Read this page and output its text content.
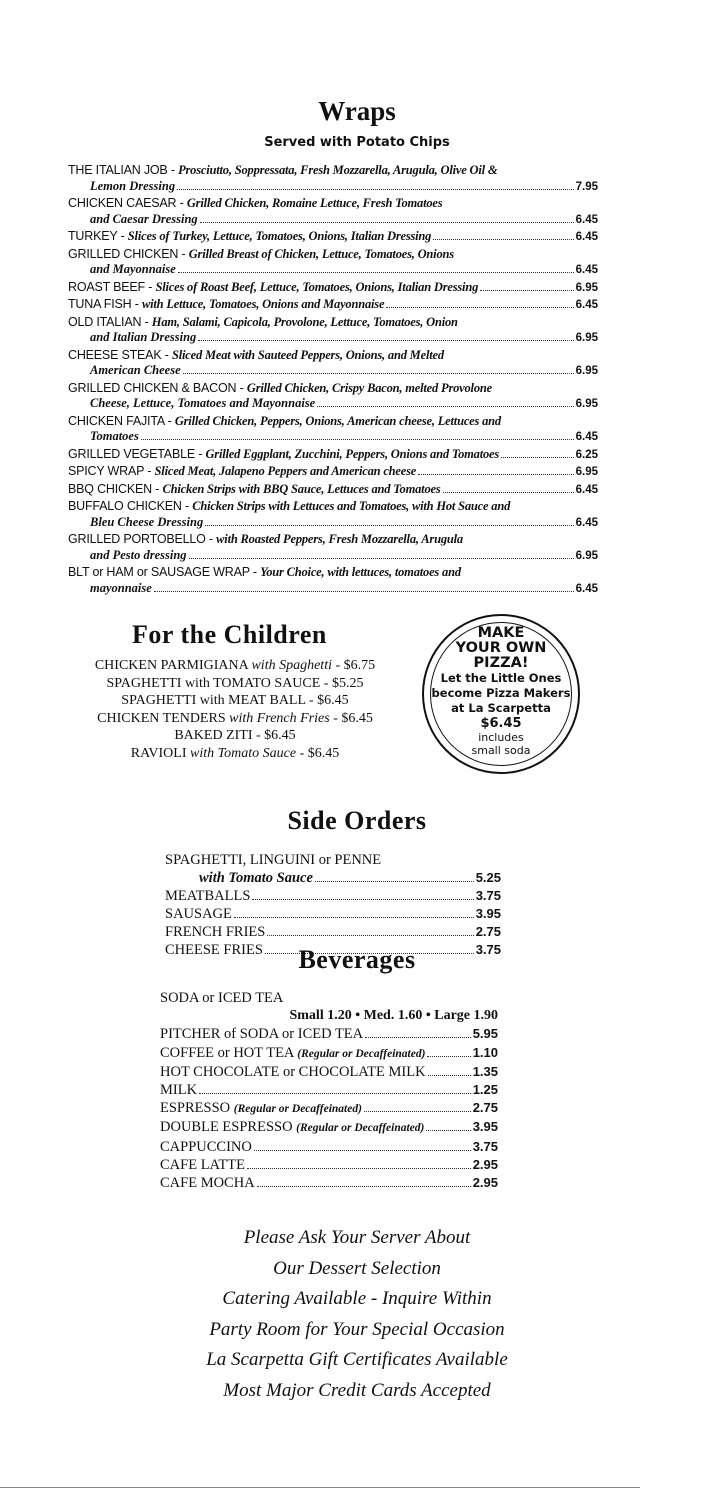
Wraps
Served with Potato Chips
THE ITALIAN JOB - Prosciutto, Soppressata, Fresh Mozzarella, Arugula, Olive Oil &
Lemon Dressing	7.95
CHICKEN CAESAR - Grilled Chicken, Romaine Lettuce, Fresh Tomatoes
and Caesar Dressing	6.45
TURKEY - Slices of Turkey, Lettuce, Tomatoes, Onions, Italian Dressing	6.45
GRILLED CHICKEN - Grilled Breast of Chicken, Lettuce, Tomatoes, Onions
and Mayonnaise	6.45
ROAST BEEF - Slices of Roast Beef, Lettuce, Tomatoes, Onions, Italian Dressing	6.95
TUNA FISH - with Lettuce, Tomatoes, Onions and Mayonnaise	6.45
OLD ITALIAN - Ham, Salami, Capicola, Provolone, Lettuce, Tomatoes, Onion
and Italian Dressing	6.95
CHEESE STEAK - Sliced Meat with Sauteed Peppers, Onions, and Melted
American Cheese	6.95
GRILLED CHICKEN & BACON - Grilled Chicken, Crispy Bacon, melted Provolone
Cheese, Lettuce, Tomatoes and Mayonnaise	6.95
CHICKEN FAJITA - Grilled Chicken, Peppers, Onions, American cheese, Lettuces and
Tomatoes	6.45
GRILLED VEGETABLE - Grilled Eggplant, Zucchini, Peppers, Onions and Tomatoes	6.25
SPICY WRAP - Sliced Meat, Jalapeno Peppers and American cheese	6.95
BBQ CHICKEN - Chicken Strips with BBQ Sauce, Lettuces and Tomatoes	6.45
BUFFALO CHICKEN - Chicken Strips with Lettuces and Tomatoes, with Hot Sauce and
Bleu Cheese Dressing	6.45
GRILLED PORTOBELLO - with Roasted Peppers, Fresh Mozzarella, Arugula
and Pesto dressing	6.95
BLT or HAM or SAUSAGE WRAP - Your Choice, with lettuces, tomatoes and
mayonnaise	6.45
For the Children
CHICKEN PARMIGIANA with Spaghetti - $6.75
SPAGHETTI with TOMATO SAUCE - $5.25
SPAGHETTI with MEAT BALL - $6.45
CHICKEN TENDERS with French Fries - $6.45
BAKED ZITI - $6.45
RAVIOLI with Tomato Sauce - $6.45
MAKE
YOUR OWN
PIZZA!
Let the Little Ones
become Pizza Makers
at La Scarpetta
$6.45
includes
small soda
Side Orders
SPAGHETTI, LINGUINI or PENNE
with Tomato Sauce	5.25
MEATBALLS	3.75
SAUSAGE	3.95
FRENCH FRIES	2.75
CHEESE FRIES	3.75
Beverages
SODA or ICED TEA
Small 1.20 • Med. 1.60 • Large 1.90
PITCHER of SODA or ICED TEA	5.95
COFFEE or HOT TEA (Regular or Decaffeinated)	1.10
HOT CHOCOLATE or CHOCOLATE MILK	1.35
MILK	1.25
ESPRESSO (Regular or Decaffeinated)	2.75
DOUBLE ESPRESSO (Regular or Decaffeinated)	3.95
CAPPUCCINO	3.75
CAFE LATTE	2.95
CAFE MOCHA	2.95
Please Ask Your Server About
Our Dessert Selection
Catering Available - Inquire Within
Party Room for Your Special Occasion
La Scarpetta Gift Certificates Available
Most Major Credit Cards Accepted
